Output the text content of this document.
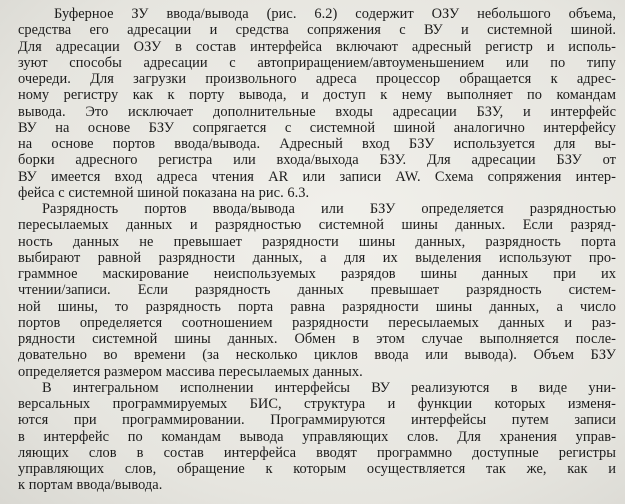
Буферное ЗУ ввода/вывода (рис. 6.2) содержит ОЗУ небольшого объема,
средства его адресации и средства сопряжения с ВУ и системной шиной.
Для адресации ОЗУ в состав интерфейса включают адресный регистр и исполь-
зуют способы адресации с автоприращением/автоуменьшением или по типу
очереди. Для загрузки произвольного адреса процессор обращается к адрес-
ному регистру как к порту вывода, и доступ к нему выполняет по командам
вывода. Это исключает дополнительные входы адресации БЗУ, и интерфейс
ВУ на основе БЗУ сопрягается с системной шиной аналогично интерфейсу
на основе портов ввода/вывода. Адресный вход БЗУ используется для вы-
борки адресного регистра или входа/выхода БЗУ. Для адресации БЗУ от
ВУ имеется вход адреса чтения AR или записи AW. Схема сопряжения интер-
фейса с системной шиной показана на рис. 6.3.
Разрядность портов ввода/вывода или БЗУ определяется разрядностью
пересылаемых данных и разрядностью системной шины данных. Если разряд-
ность данных не превышает разрядности шины данных, разрядность порта
выбирают равной разрядности данных, а для их выделения используют про-
граммное маскирование неиспользуемых разрядов шины данных при их
чтении/записи. Если разрядность данных превышает разрядность систем-
ной шины, то разрядность порта равна разрядности шины данных, а число
портов определяется соотношением разрядности пересылаемых данных и раз-
рядности системной шины данных. Обмен в этом случае выполняется после-
довательно во времени (за несколько циклов ввода или вывода). Объем БЗУ
определяется размером массива пересылаемых данных.
В интегральном исполнении интерфейсы ВУ реализуются в виде уни-
версальных программируемых БИС, структура и функции которых изменя-
ются при программировании. Программируются интерфейсы путем записи
в интерфейс по командам вывода управляющих слов. Для хранения управ-
ляющих слов в состав интерфейса вводят программно доступные регистры
управляющих слов, обращение к которым осуществляется так же, как и
к портам ввода/вывода.
